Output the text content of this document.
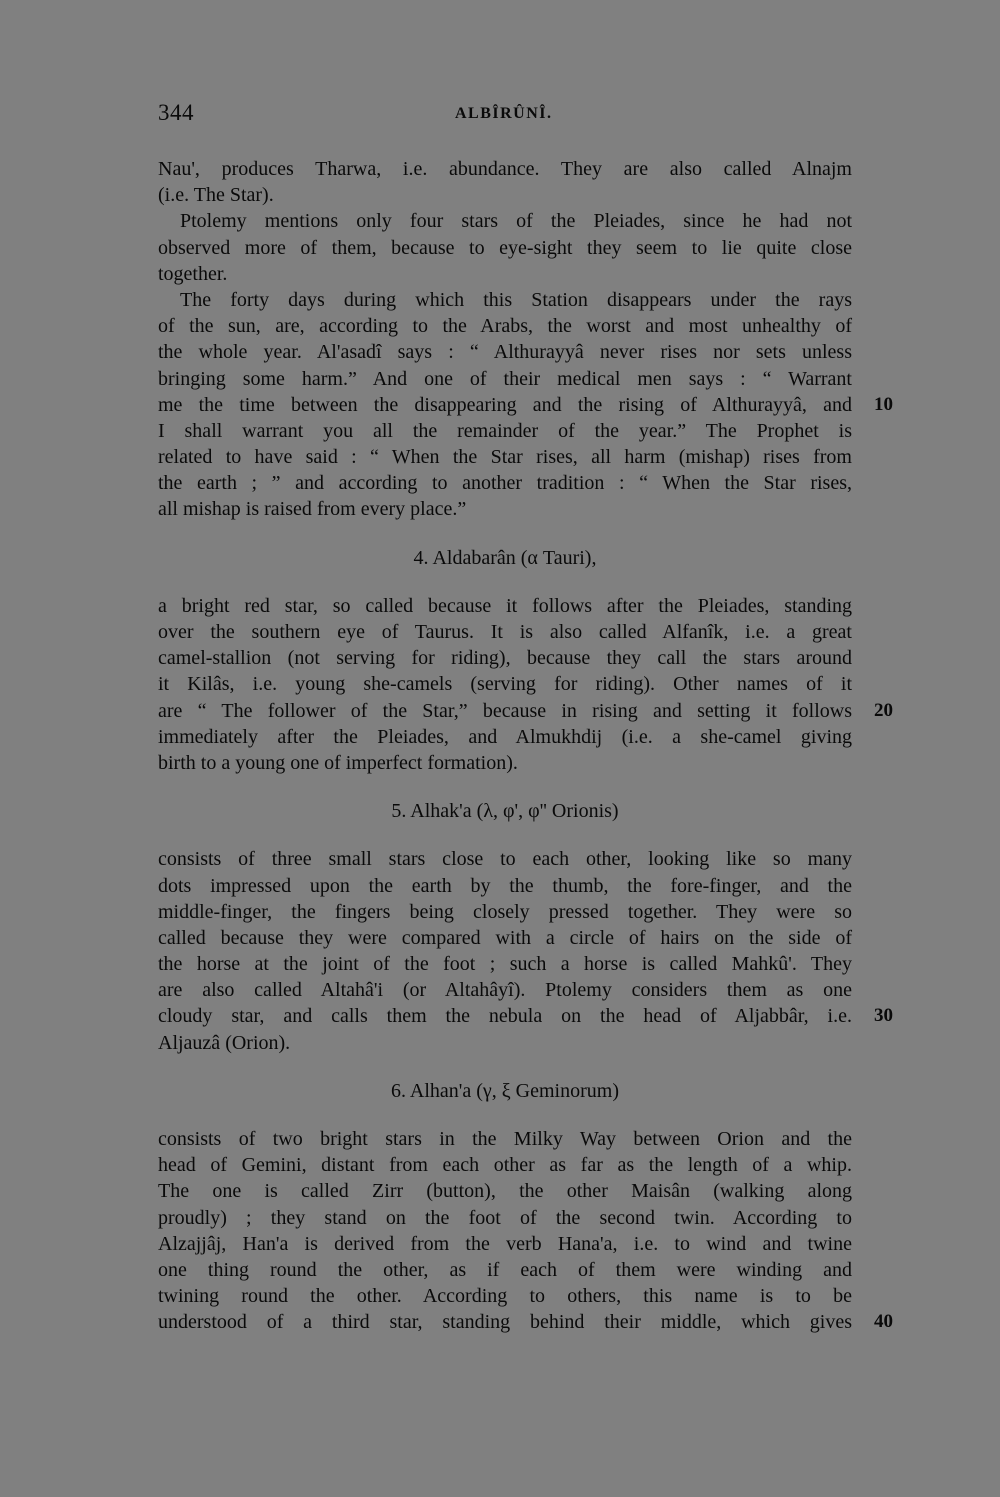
344	ALBÎRÛNÎ.
Nau', produces Tharwa, i.e. abundance. They are also called Alnajm
(i.e. The Star).
Ptolemy mentions only four stars of the Pleiades, since he had not
observed more of them, because to eye-sight they seem to lie quite close
together.
The forty days during which this Station disappears under the rays
of the sun, are, according to the Arabs, the worst and most unhealthy of
the whole year. Al'asadî says : “ Althurayyâ never rises nor sets unless
bringing some harm.” And one of their medical men says : “ Warrant
me the time between the disappearing and the rising of Althurayyâ, and 10
I shall warrant you all the remainder of the year.” The Prophet is
related to have said : “ When the Star rises, all harm (mishap) rises from
the earth ; ” and according to another tradition : “ When the Star rises,
all mishap is raised from every place.”
4. Aldabarân (α Tauri),
a bright red star, so called because it follows after the Pleiades, standing
over the southern eye of Taurus. It is also called Alfanîk, i.e. a great
camel-stallion (not serving for riding), because they call the stars around
it Kilâs, i.e. young she-camels (serving for riding). Other names of it
are “ The follower of the Star,” because in rising and setting it follows 20
immediately after the Pleiades, and Almukhdij (i.e. a she-camel giving
birth to a young one of imperfect formation).
5. Alhak'a (λ, φ', φ'' Orionis)
consists of three small stars close to each other, looking like so many
dots impressed upon the earth by the thumb, the fore-finger, and the
middle-finger, the fingers being closely pressed together. They were so
called because they were compared with a circle of hairs on the side of
the horse at the joint of the foot ; such a horse is called Mahkû'. They
are also called Altahâ'i (or Altahâyî). Ptolemy considers them as one
cloudy star, and calls them the nebula on the head of Aljabbâr, i.e. 30
Aljauzâ (Orion).
6. Alhan'a (γ, ξ Geminorum)
consists of two bright stars in the Milky Way between Orion and the
head of Gemini, distant from each other as far as the length of a whip.
The one is called Zirr (button), the other Maisân (walking along
proudly) ; they stand on the foot of the second twin. According to
Alzajjâj, Han'a is derived from the verb Hana'a, i.e. to wind and twine
one thing round the other, as if each of them were winding and
twining round the other. According to others, this name is to be
understood of a third star, standing behind their middle, which gives 40
